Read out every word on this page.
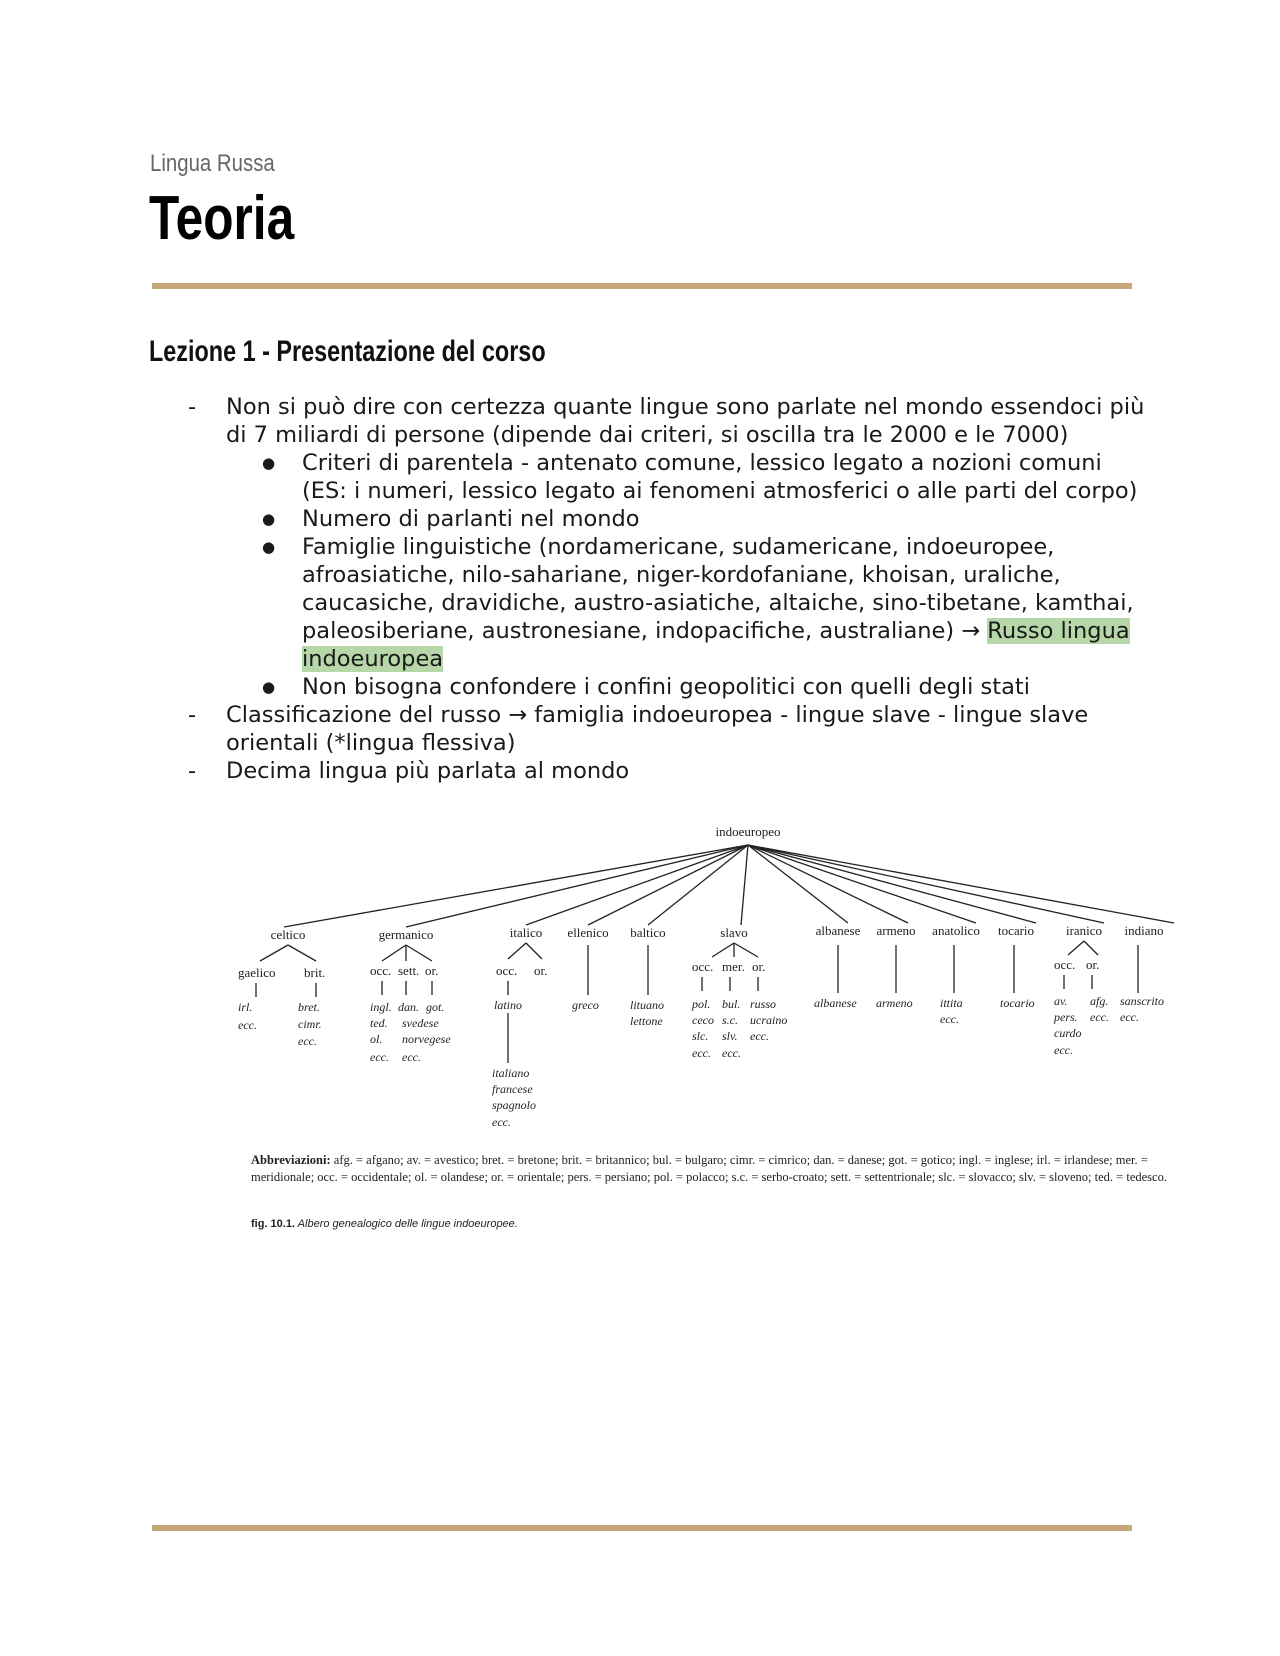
Lingua Russa
Teoria
Lezione 1 - Presentazione del corso
- Non si può dire con certezza quante lingue sono parlate nel mondo essendoci più di 7 miliardi di persone (dipende dai criteri, si oscilla tra le 2000 e le 7000)
● Criteri di parentela - antenato comune, lessico legato a nozioni comuni (ES: i numeri, lessico legato ai fenomeni atmosferici o alle parti del corpo)
● Numero di parlanti nel mondo
● Famiglie linguistiche (nordamericane, sudamericane, indoeuropee, afroasiatiche, nilo-sahariane, niger-kordofaniane, khoisan, uraliche, caucasiche, dravidiche, austro-asiatiche, altaiche, sino-tibetane, kamthai, paleosiberiane, austronesiane, indopacifiche, australiane) → Russo lingua indoeuropea
● Non bisogna confondere i confini geopolitici con quelli degli stati
- Classificazione del russo → famiglia indoeuropea - lingue slave - lingue slave orientali (*lingua flessiva)
- Decima lingua più parlata al mondo
indoeuropeo
celtico	germanico	italico ellenico baltico	slavo	albanese armeno anatolico tocario iranico indiano
gaelico brit.	occ. sett. or.	occ. or.	occ. mer. or.	occ. or.
irl.
ecc.
bret.
cimr.
ecc.
ingl.
ted.
ol.
ecc.
dan.
svedese
norvegese
ecc.
got.	latino
italiano
francese
spagnolo
ecc.
greco	lituano
lettone
pol.
ceco
slc.
ecc.
bul.
s.c.
slv.
ecc.
russo
ucraino
ecc.
albanese armeno ittita
ecc.
tocario av.
pers.
curdo
ecc.
afg.
ecc.
sanscrito
ecc.
Abbreviazioni: afg. = afgano; av. = avestico; bret. = bretone; brit. = britannico; bul. = bulgaro; cimr. = cimrico; dan. = danese; got. = gotico; ingl. = inglese; irl. = irlandese; mer. = meridionale; occ. = occidentale; ol. = olandese; or. = orientale; pers. = persiano; pol. = polacco; s.c. = serbo-croato; sett. = settentrionale; slc. = slovacco; slv. = sloveno; ted. = tedesco.
fig. 10.1. Albero genealogico delle lingue indoeuropee.
